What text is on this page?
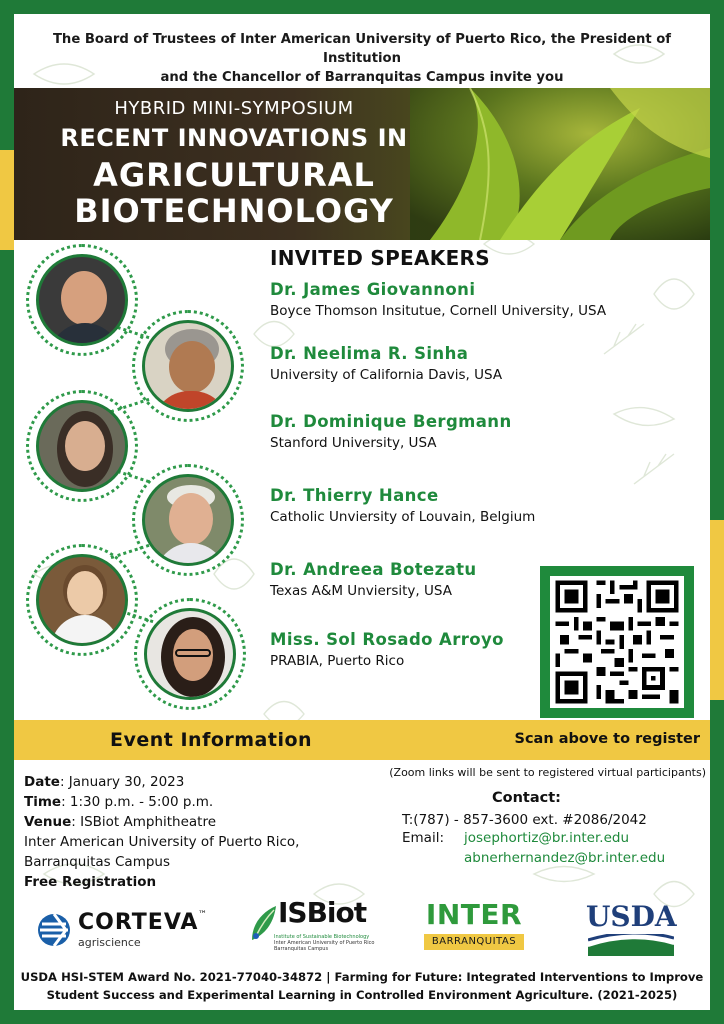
The Board of Trustees of Inter American University of Puerto Rico, the President of Institution
and the Chancellor of Barranquitas Campus invite you
HYBRID MINI-SYMPOSIUM
RECENT INNOVATIONS IN
AGRICULTURAL
BIOTECHNOLOGY
INVITED SPEAKERS
Dr. James Giovannoni
Boyce Thomson Insitutue, Cornell University, USA
Dr. Neelima R. Sinha
University of California Davis, USA
Dr. Dominique Bergmann
Stanford University, USA
Dr. Thierry Hance
Catholic Unviersity of Louvain, Belgium
Dr. Andreea Botezatu
Texas A&M Unviersity, USA
Miss. Sol Rosado Arroyo
PRABIA, Puerto Rico
Event Information	Scan above to register
Date: January 30, 2023
Time: 1:30 p.m. - 5:00 p.m.
Venue: ISBiot Amphitheatre
Inter American University of Puerto Rico,
Barranquitas Campus
Free Registration
(Zoom links will be sent to registered virtual participants)
Contact:
T:(787) - 857-3600 ext. #2086/2042
Email: josephortiz@br.inter.edu
abnerhernandez@br.inter.edu
CORTEVA ™
agriscience
ISBiot
Institute of Sustainable Biotechnology
Inter American University of Puerto Rico
Barranquitas Campus
INTER
BARRANQUITAS
USDA
USDA HSI-STEM Award No. 2021-77040-34872 | Farming for Future: Integrated Interventions to Improve
Student Success and Experimental Learning in Controlled Environment Agriculture. (2021-2025)
